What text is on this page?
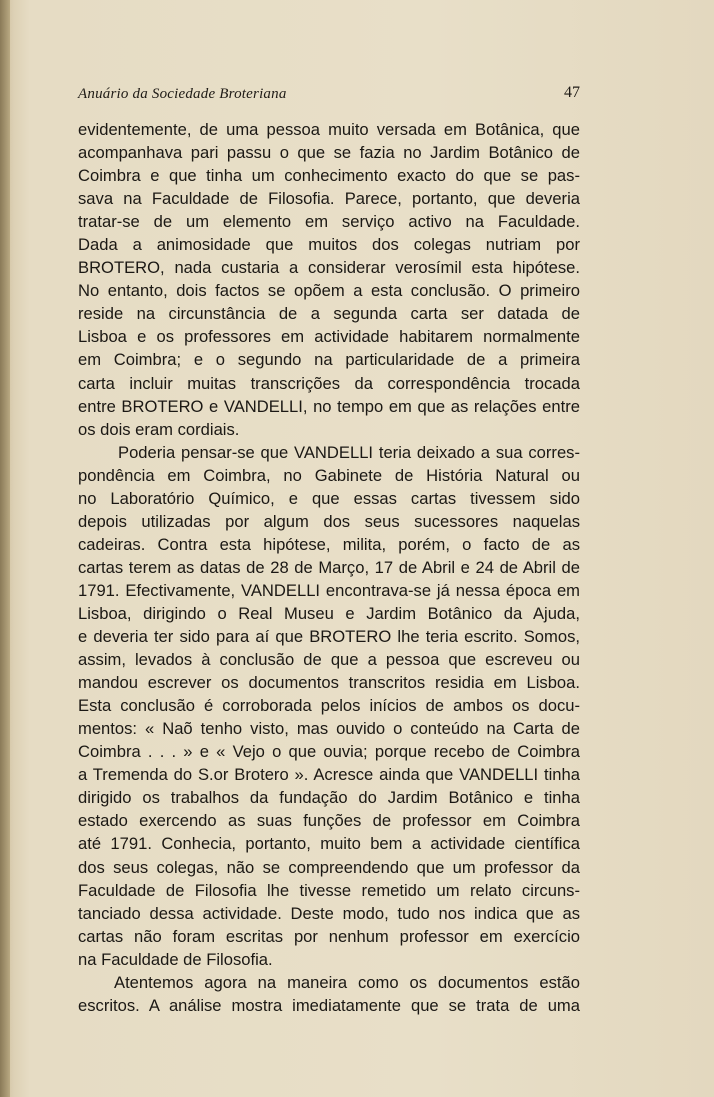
Anuário da Sociedade Broteriana	47
evidentemente, de uma pessoa muito versada em Botânica, que
acompanhava pari passu o que se fazia no Jardim Botânico de
Coimbra e que tinha um conhecimento exacto do que se pas-
sava na Faculdade de Filosofia. Parece, portanto, que deveria
tratar-se de um elemento em serviço activo na Faculdade.
Dada a animosidade que muitos dos colegas nutriam por
BROTERO, nada custaria a considerar verosímil esta hipótese.
No entanto, dois factos se opõem a esta conclusão. O primeiro
reside na circunstância de a segunda carta ser datada de
Lisboa e os professores em actividade habitarem normalmente
em Coimbra; e o segundo na particularidade de a primeira
carta incluir muitas transcrições da correspondência trocada
entre BROTERO e VANDELLI, no tempo em que as relações entre
os dois eram cordiais.
Poderia pensar-se que VANDELLI teria deixado a sua corres-
pondência em Coimbra, no Gabinete de História Natural ou
no Laboratório Químico, e que essas cartas tivessem sido
depois utilizadas por algum dos seus sucessores naquelas
cadeiras. Contra esta hipótese, milita, porém, o facto de as
cartas terem as datas de 28 de Março, 17 de Abril e 24 de Abril de
1791. Efectivamente, VANDELLI encontrava-se já nessa época em
Lisboa, dirigindo o Real Museu e Jardim Botânico da Ajuda,
e deveria ter sido para aí que BROTERO lhe teria escrito. Somos,
assim, levados à conclusão de que a pessoa que escreveu ou
mandou escrever os documentos transcritos residia em Lisboa.
Esta conclusão é corroborada pelos inícios de ambos os docu-
mentos: « Naõ tenho visto, mas ouvido o conteúdo na Carta de
Coimbra . . . » e « Vejo o que ouvia; porque recebo de Coimbra
a Tremenda do S.or Brotero ». Acresce ainda que VANDELLI tinha
dirigido os trabalhos da fundação do Jardim Botânico e tinha
estado exercendo as suas funções de professor em Coimbra
até 1791. Conhecia, portanto, muito bem a actividade científica
dos seus colegas, não se compreendendo que um professor da
Faculdade de Filosofia lhe tivesse remetido um relato circuns-
tanciado dessa actividade. Deste modo, tudo nos indica que as
cartas não foram escritas por nenhum professor em exercício
na Faculdade de Filosofia.
Atentemos agora na maneira como os documentos estão
escritos. A análise mostra imediatamente que se trata de uma
